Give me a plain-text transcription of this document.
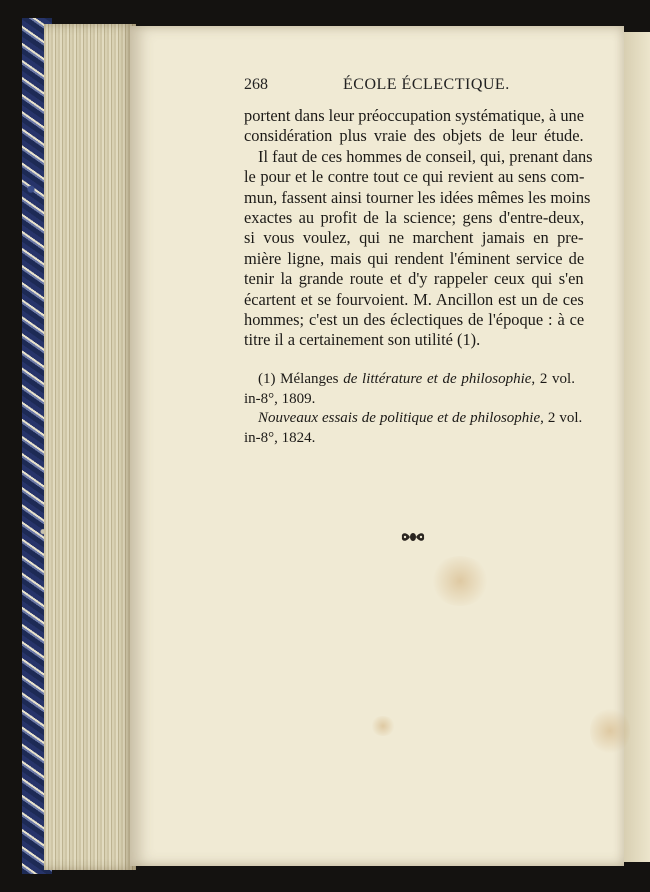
268	ÉCOLE ÉCLECTIQUE.
portent dans leur préoccupation systématique, à une
considération plus vraie des objets de leur étude.
Il faut de ces hommes de conseil, qui, prenant dans
le pour et le contre tout ce qui revient au sens com-
mun, fassent ainsi tourner les idées mêmes les moins
exactes au profit de la science; gens d'entre-deux,
si vous voulez, qui ne marchent jamais en pre-
mière ligne, mais qui rendent l'éminent service de
tenir la grande route et d'y rappeler ceux qui s'en
écartent et se fourvoient. M. Ancillon est un de ces
hommes; c'est un des éclectiques de l'époque : à ce
titre il a certainement son utilité (1).
(1) Mélanges de littérature et de philosophie, 2 vol.
in-8°, 1809.
Nouveaux essais de politique et de philosophie, 2 vol.
in-8°, 1824.
